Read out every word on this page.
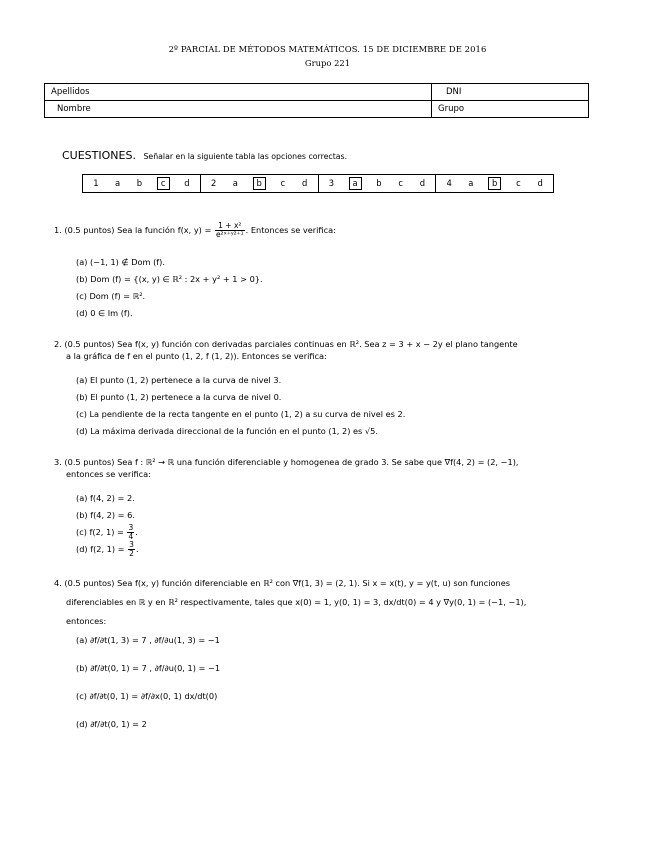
2º PARCIAL DE MÉTODOS MATEMÁTICOS. 15 DE DICIEMBRE DE 2016
Grupo 221
Apellidos	DNI
Nombre	Grupo
CUESTIONES. Señalar en la siguiente tabla las opciones correctas.
1 a b	c	d	2 a	b	c d	3	a	b c d	4 a	b	c d
1. (0.5 puntos) Sea la función f(x, $y) = \frac{\text{1 + x²}}{\text{e²ˣ⁺ʸ²⁺¹}}$ . Entonces se verifica:
(a) (−1, 1) ∉ Dom (f).
(b) Dom (f) = {(x, y) ∈ ℝ² : 2x + y² + 1 > 0}.
(c) Dom (f) = ℝ².
(d) 0 ∈ Im (f).
2. (0.5 puntos) Sea f(x, y) función con derivadas parciales continuas en ℝ². Sea z = 3 + x − 2y el plano tangente
a la gráfica de f en el punto (1, 2, f (1, 2)). Entonces se verifica:
(a) El punto (1, 2) pertenece a la curva de nivel 3.
(b) El punto (1, 2) pertenece a la curva de nivel 0.
(c) La pendiente de la recta tangente en el punto (1, 2) a su curva de nivel es 2.
(d) La máxima derivada direccional de la función en el punto (1, 2) es √5.
3. (0.5 puntos) Sea f : ℝ² → ℝ una función diferenciable y homogenea de grado 3. Se sabe que ∇f(4, 2) = (2, −1),
entonces se verifica:
(a) f(4, 2) = 2.
(b) f(4, 2) = 6.
(c) f(2, $1) = \frac{3}{4}$ .
(d) f(2, $1) = \frac{3}{2}$ .
4. (0.5 puntos) Sea f(x, y) función diferenciable en ℝ² con ∇f(1, 3) = (2, 1). Si x = x(t), y = y(t, u) son funciones
diferenciables en ℝ y en ℝ² respectivamente, tales que x(0) = 1, y(0, 1) = 3, dx/dt(0) = 4 y ∇y(0, 1) = (−1, −1),
entonces:
(a) ∂f/∂t(1, 3) = 7 , ∂f/∂u(1, 3) = −1
(b) ∂f/∂t(0, 1) = 7 , ∂f/∂u(0, 1) = −1
(c) ∂f/∂t(0, 1) = ∂f/∂x(0, 1) dx/dt(0)
(d) ∂f/∂t(0, 1) = 2
